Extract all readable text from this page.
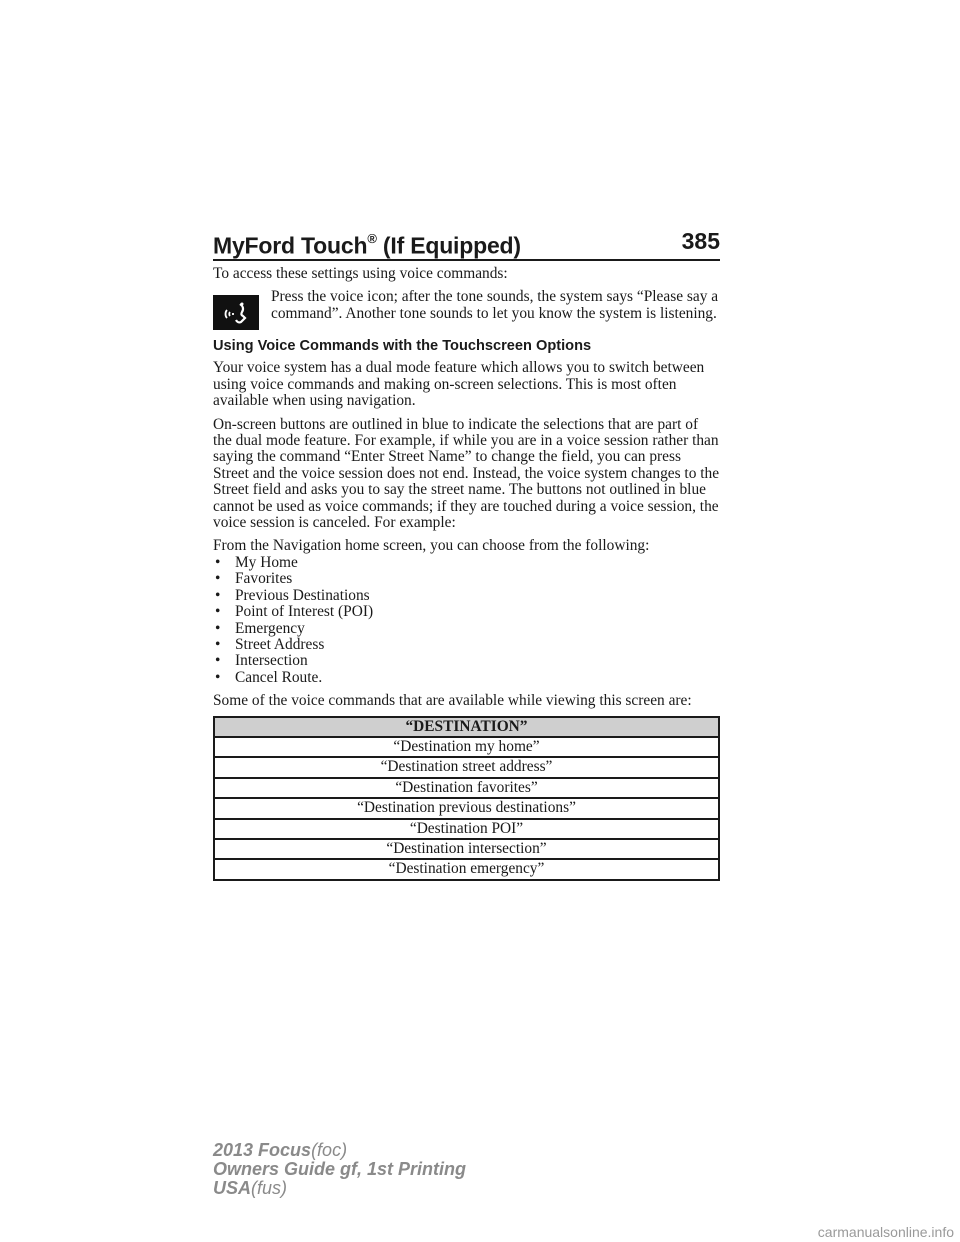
MyFord Touch® (If Equipped)	385

To access these settings using voice commands:

Press the voice icon; after the tone sounds, the system says “Please say a command”. Another tone sounds to let you know the system is listening.
Using Voice Commands with the Touchscreen Options

Your voice system has a dual mode feature which allows you to switch between using voice commands and making on-screen selections. This is most often available when using navigation.

On-screen buttons are outlined in blue to indicate the selections that are part of the dual mode feature. For example, if while you are in a voice session rather than saying the command “Enter Street Name” to change the field, you can press Street and the voice session does not end. Instead, the voice system changes to the Street field and asks you to say the street name. The buttons not outlined in blue cannot be used as voice commands; if they are touched during a voice session, the voice session is canceled. For example:

From the Navigation home screen, you can choose from the following:

• My Home
• Favorites
• Previous Destinations
• Point of Interest (POI)
• Emergency
• Street Address
• Intersection
• Cancel Route.

Some of the voice commands that are available while viewing this screen are:

“DESTINATION”
“Destination my home”
“Destination street address”
“Destination favorites”
“Destination previous destinations”
“Destination POI”
“Destination intersection”
“Destination emergency”
2013 Focus(foc)
Owners Guide gf, 1st Printing
USA(fus)
carmanualsonline.info
